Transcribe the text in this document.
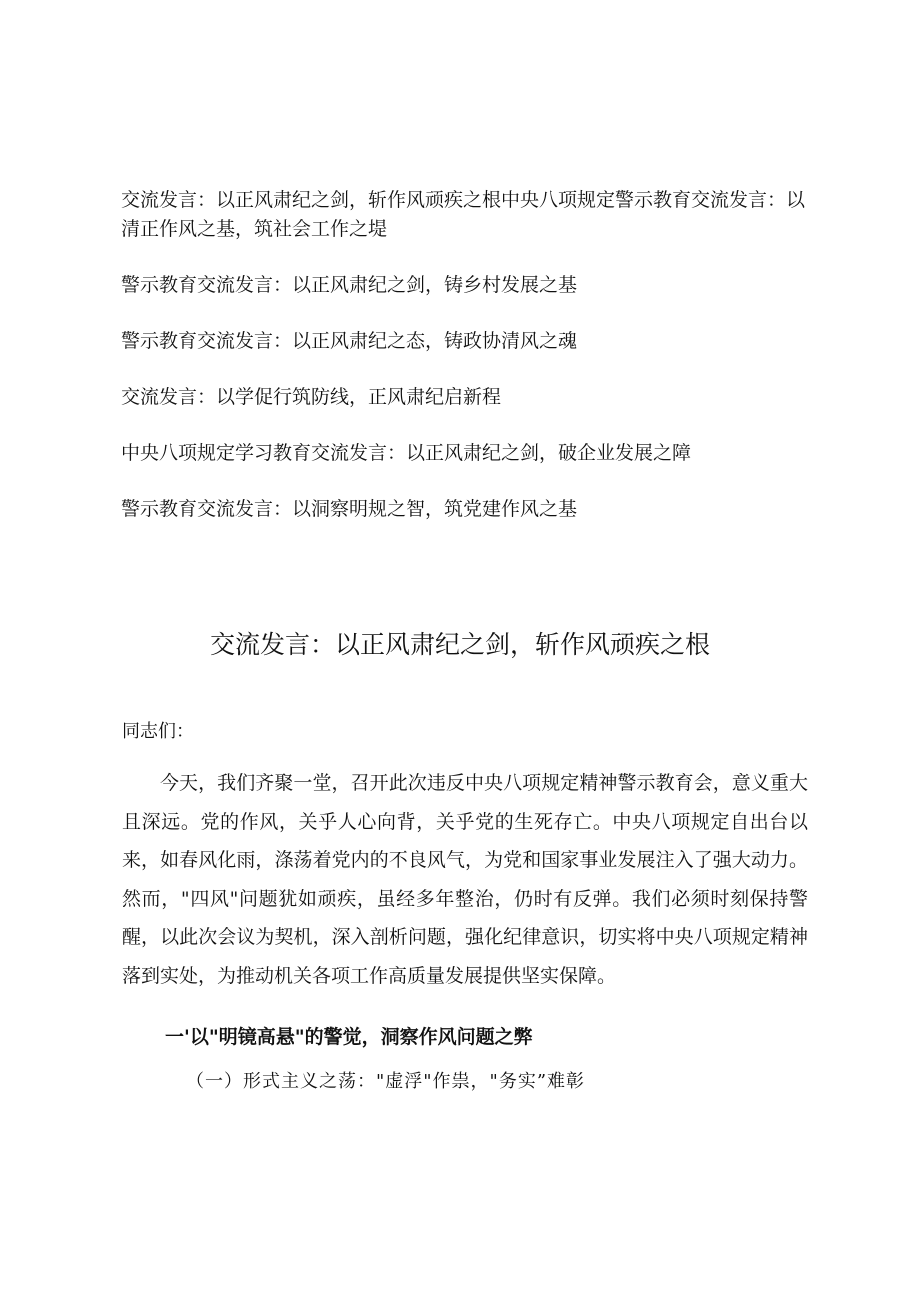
交流发言：以正风肃纪之剑，斩作风顽疾之根中央八项规定警示教育交流发言：以清正作风之基，筑社会工作之堤
警示教育交流发言：以正风肃纪之剑，铸乡村发展之基
警示教育交流发言：以正风肃纪之态，铸政协清风之魂
交流发言：以学促行筑防线，正风肃纪启新程
中央八项规定学习教育交流发言：以正风肃纪之剑，破企业发展之障
警示教育交流发言：以洞察明规之智，筑党建作风之基
交流发言：以正风肃纪之剑，斩作风顽疾之根

同志们：

今天，我们齐聚一堂，召开此次违反中央八项规定精神警示教育会，意义重大且深远。党的作风，关乎人心向背，关乎党的生死存亡。中央八项规定自出台以来，如春风化雨，涤荡着党内的不良风气，为党和国家事业发展注入了强大动力。然而，"四风"问题犹如顽疾，虽经多年整治，仍时有反弹。我们必须时刻保持警醒，以此次会议为契机，深入剖析问题，强化纪律意识，切实将中央八项规定精神落到实处，为推动机关各项工作高质量发展提供坚实保障。

一'以"明镜高悬"的警觉，洞察作风问题之弊
（一）形式主义之荡："虚浮"作祟，"务实”难彰
